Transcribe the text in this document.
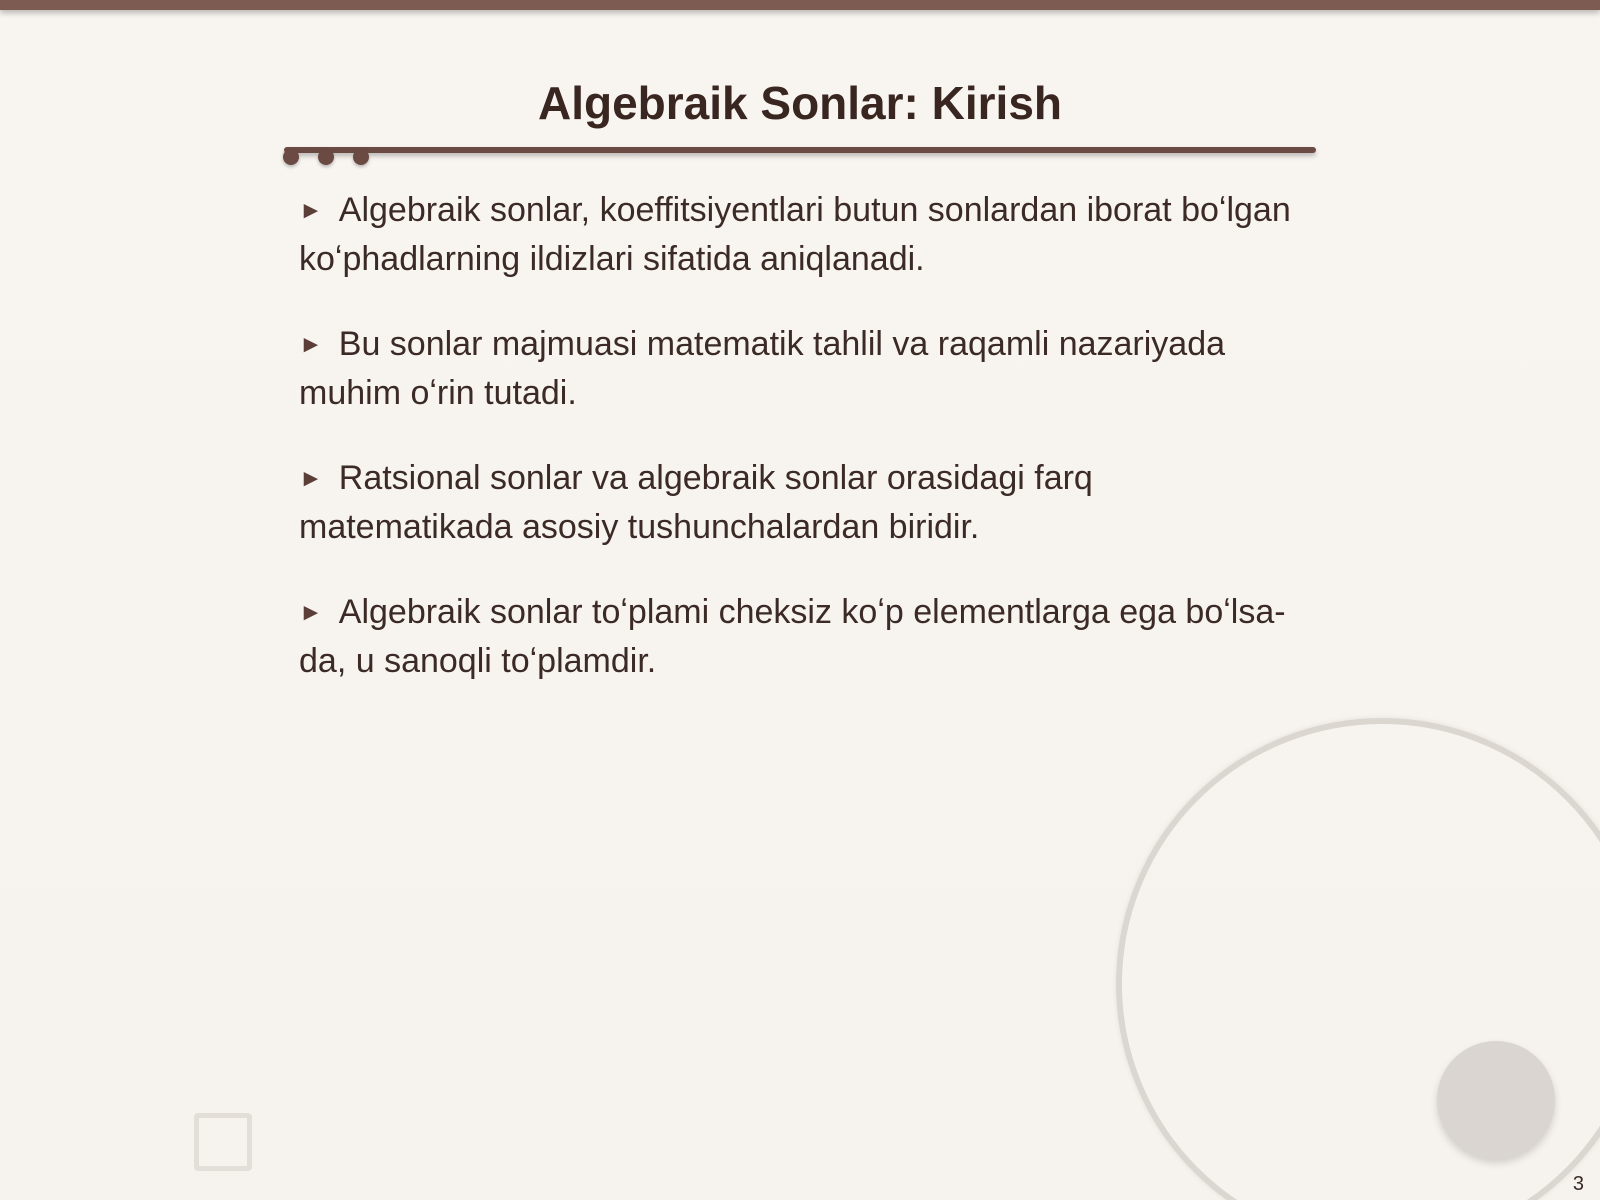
Algebraik Sonlar: Kirish
► Algebraik sonlar, koeffitsiyentlari butun sonlardan iborat boʻlgan koʻphadlarning ildizlari sifatida aniqlanadi.
► Bu sonlar majmuasi matematik tahlil va raqamli nazariyada muhim oʻrin tutadi.
► Ratsional sonlar va algebraik sonlar orasidagi farq matematikada asosiy tushunchalardan biridir.
► Algebraik sonlar toʻplami cheksiz koʻp elementlarga ega boʻlsa-da, u sanoqli toʻplamdir.
3
